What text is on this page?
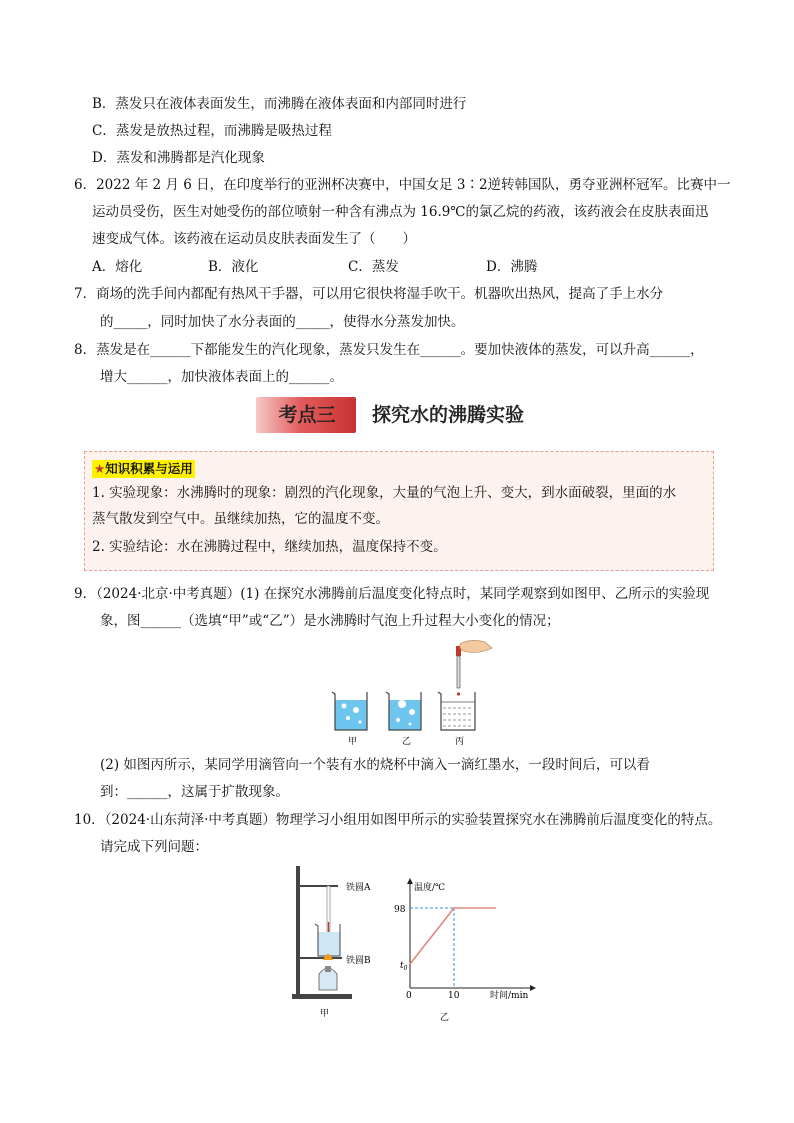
B．蒸发只在液体表面发生，而沸腾在液体表面和内部同时进行
C．蒸发是放热过程，而沸腾是吸热过程
D．蒸发和沸腾都是汽化现象
6．2022 年 2 月 6 日，在印度举行的亚洲杯决赛中，中国女足 3∶2逆转韩国队，勇夺亚洲杯冠军。比赛中一
运动员受伤，医生对她受伤的部位喷射一种含有沸点为 16.9℃的氯乙烷的药液，该药液会在皮肤表面迅
速变成气体。该药液在运动员皮肤表面发生了（　　）
A．熔化	B．液化	C．蒸发	D．沸腾
7．商场的洗手间内都配有热风干手器，可以用它很快将湿手吹干。机器吹出热风，提高了手上水分
的_____，同时加快了水分表面的_____，使得水分蒸发加快。
8．蒸发是在______下都能发生的汽化现象，蒸发只发生在______。要加快液体的蒸发，可以升高______，
增大______，加快液体表面上的______。
考点三	探究水的沸腾实验
★知识积累与运用
1. 实验现象：水沸腾时的现象：剧烈的汽化现象，大量的气泡上升、变大，到水面破裂，里面的水
蒸气散发到空气中。虽继续加热，它的温度不变。
2. 实验结论：水在沸腾过程中，继续加热，温度保持不变。
9．（2024·北京·中考真题）(1) 在探究水沸腾前后温度变化特点时，某同学观察到如图甲、乙所示的实验现
象，图______（选填“甲”或“乙”）是水沸腾时气泡上升过程大小变化的情况；
甲	乙	丙
(2) 如图丙所示，某同学用滴管向一个装有水的烧杯中滴入一滴红墨水，一段时间后，可以看
到：______，这属于扩散现象。
10．（2024·山东菏泽·中考真题）物理学习小组用如图甲所示的实验装置探究水在沸腾前后温度变化的特点。
请完成下列问题：
铁圆A
铁圆B
甲
温度/℃
98
$t_0$
0	10	时间/min
乙
